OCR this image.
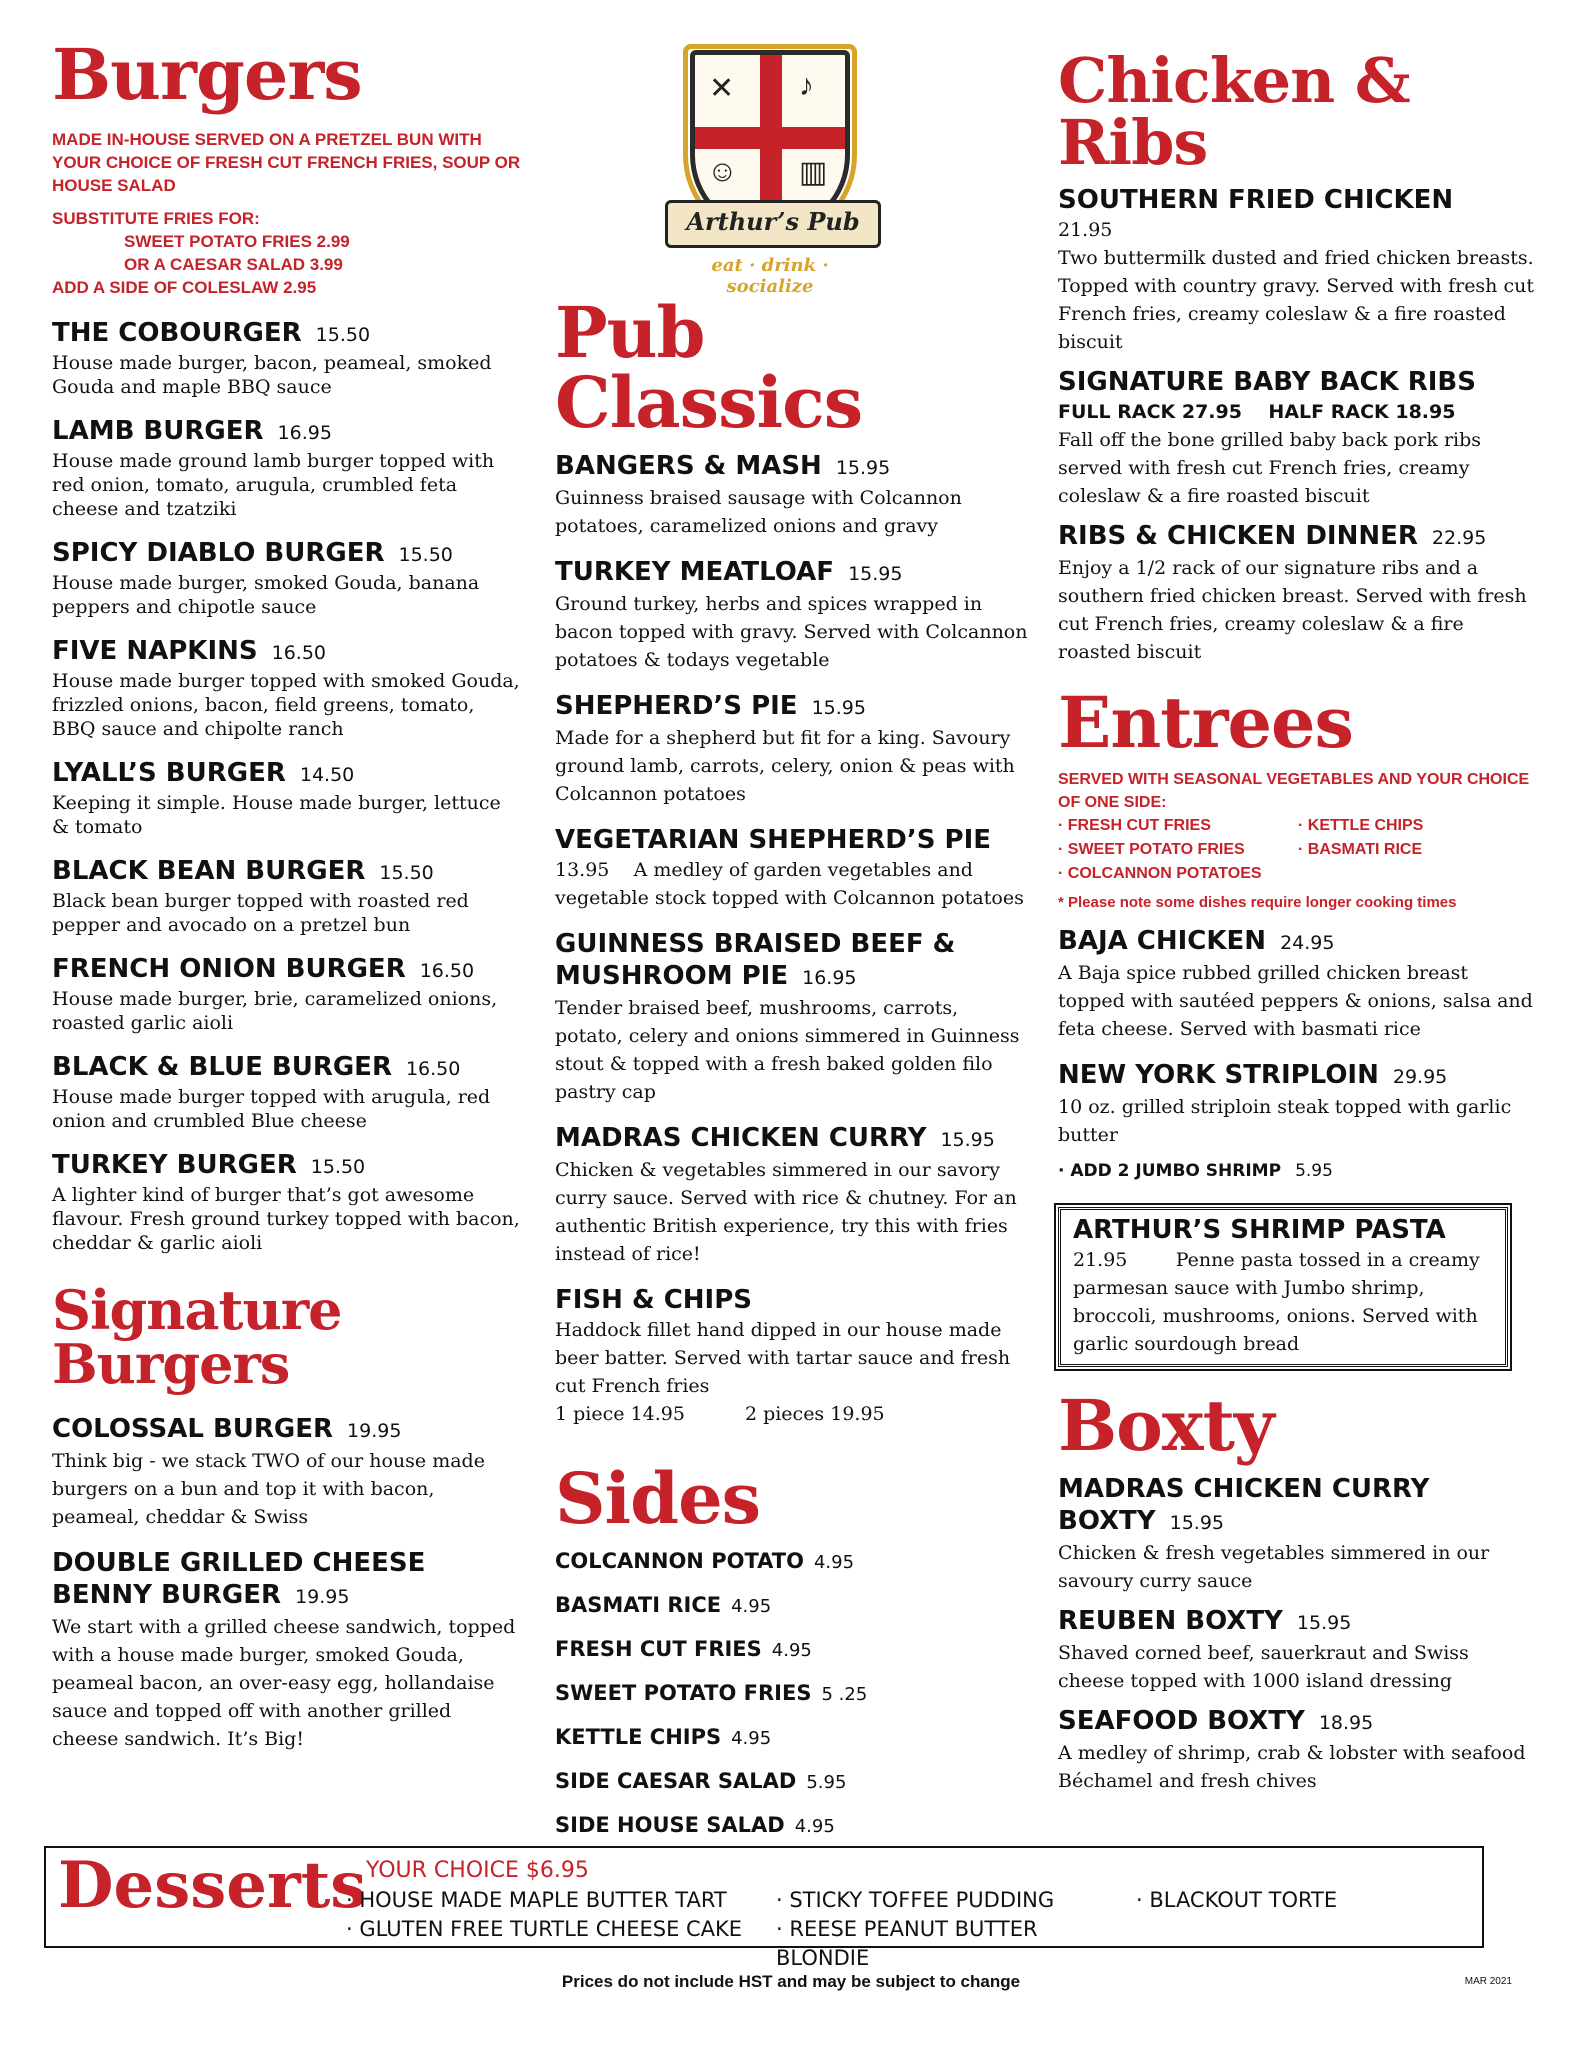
Burgers
MADE IN-HOUSE SERVED ON A PRETZEL BUN WITH YOUR CHOICE OF FRESH CUT FRENCH FRIES, SOUP OR HOUSE SALAD
SUBSTITUTE FRIES FOR:
SWEET POTATO FRIES 2.99
OR A CAESAR SALAD 3.99
ADD A SIDE OF COLESLAW 2.95
THE COBOURGER 15.50
House made burger, bacon, peameal, smoked Gouda and maple BBQ sauce
LAMB BURGER 16.95
House made ground lamb burger topped with red onion, tomato, arugula, crumbled feta cheese and tzatziki
SPICY DIABLO BURGER 15.50
House made burger, smoked Gouda, banana peppers and chipotle sauce
FIVE NAPKINS 16.50
House made burger topped with smoked Gouda, frizzled onions, bacon, field greens, tomato, BBQ sauce and chipolte ranch
LYALL’S BURGER 14.50
Keeping it simple. House made burger, lettuce & tomato
BLACK BEAN BURGER 15.50
Black bean burger topped with roasted red pepper and avocado on a pretzel bun
FRENCH ONION BURGER 16.50
House made burger, brie, caramelized onions, roasted garlic aioli
BLACK & BLUE BURGER 16.50
House made burger topped with arugula, red onion and crumbled Blue cheese
TURKEY BURGER 15.50
A lighter kind of burger that’s got awesome flavour. Fresh ground turkey topped with bacon, cheddar & garlic aioli
Signature Burgers
COLOSSAL BURGER 19.95
Think big - we stack TWO of our house made burgers on a bun and top it with bacon, peameal, cheddar & Swiss
DOUBLE GRILLED CHEESE
BENNY BURGER 19.95
We start with a grilled cheese sandwich, topped with a house made burger, smoked Gouda, peameal bacon, an over-easy egg, hollandaise sauce and topped off with another grilled cheese sandwich. It’s Big!
✕ ♪
☺ ▥
Arthur’s Pub
eat · drink · socialize
Pub Classics
BANGERS & MASH 15.95
Guinness braised sausage with Colcannon potatoes, caramelized onions and gravy
TURKEY MEATLOAF 15.95
Ground turkey, herbs and spices wrapped in bacon topped with gravy. Served with Colcannon potatoes & todays vegetable
SHEPHERD’S PIE 15.95
Made for a shepherd but fit for a king. Savoury ground lamb, carrots, celery, onion & peas with Colcannon potatoes
VEGETARIAN SHEPHERD’S PIE
13.95 A medley of garden vegetables and vegetable stock topped with Colcannon potatoes
GUINNESS BRAISED BEEF &
MUSHROOM PIE 16.95
Tender braised beef, mushrooms, carrots, potato, celery and onions simmered in Guinness stout & topped with a fresh baked golden filo pastry cap
MADRAS CHICKEN CURRY 15.95
Chicken & vegetables simmered in our savory curry sauce. Served with rice & chutney. For an authentic British experience, try this with fries instead of rice!
FISH & CHIPS
Haddock fillet hand dipped in our house made beer batter. Served with tartar sauce and fresh cut French fries
1 piece 14.95	2 pieces 19.95
Sides
COLCANNON POTATO 4.95
BASMATI RICE 4.95
FRESH CUT FRIES 4.95
SWEET POTATO FRIES 5 .25
KETTLE CHIPS 4.95
SIDE CAESAR SALAD 5.95
SIDE HOUSE SALAD 4.95
Chicken & Ribs
SOUTHERN FRIED CHICKEN
21.95
Two buttermilk dusted and fried chicken breasts. Topped with country gravy. Served with fresh cut French fries, creamy coleslaw & a fire roasted biscuit
SIGNATURE BABY BACK RIBS
FULL RACK 27.95 HALF RACK 18.95
Fall off the bone grilled baby back pork ribs served with fresh cut French fries, creamy coleslaw & a fire roasted biscuit
RIBS & CHICKEN DINNER 22.95
Enjoy a 1/2 rack of our signature ribs and a southern fried chicken breast. Served with fresh cut French fries, creamy coleslaw & a fire roasted biscuit
Entrees
SERVED WITH SEASONAL VEGETABLES AND YOUR CHOICE OF ONE SIDE:
· FRESH CUT FRIES	· KETTLE CHIPS
· SWEET POTATO FRIES	· BASMATI RICE
· COLCANNON POTATOES
* Please note some dishes require longer cooking times
BAJA CHICKEN 24.95
A Baja spice rubbed grilled chicken breast topped with sautéed peppers & onions, salsa and feta cheese. Served with basmati rice
NEW YORK STRIPLOIN 29.95
10 oz. grilled striploin steak topped with garlic butter
· ADD 2 JUMBO SHRIMP 5.95
ARTHUR’S SHRIMP PASTA
21.95	Penne pasta tossed in a creamy parmesan sauce with Jumbo shrimp, broccoli, mushrooms, onions. Served with garlic sourdough bread
Boxty
MADRAS CHICKEN CURRY
BOXTY 15.95
Chicken & fresh vegetables simmered in our savoury curry sauce
REUBEN BOXTY 15.95
Shaved corned beef, sauerkraut and Swiss cheese topped with 1000 island dressing
SEAFOOD BOXTY 18.95
A medley of shrimp, crab & lobster with seafood Béchamel and fresh chives
Desserts YOUR CHOICE $6.95
· HOUSE MADE MAPLE BUTTER TART	· STICKY TOFFEE PUDDING	· BLACKOUT TORTE
· GLUTEN FREE TURTLE CHEESE CAKE	· REESE PEANUT BUTTER BLONDIE
Prices do not include HST and may be subject to change	MAR 2021
